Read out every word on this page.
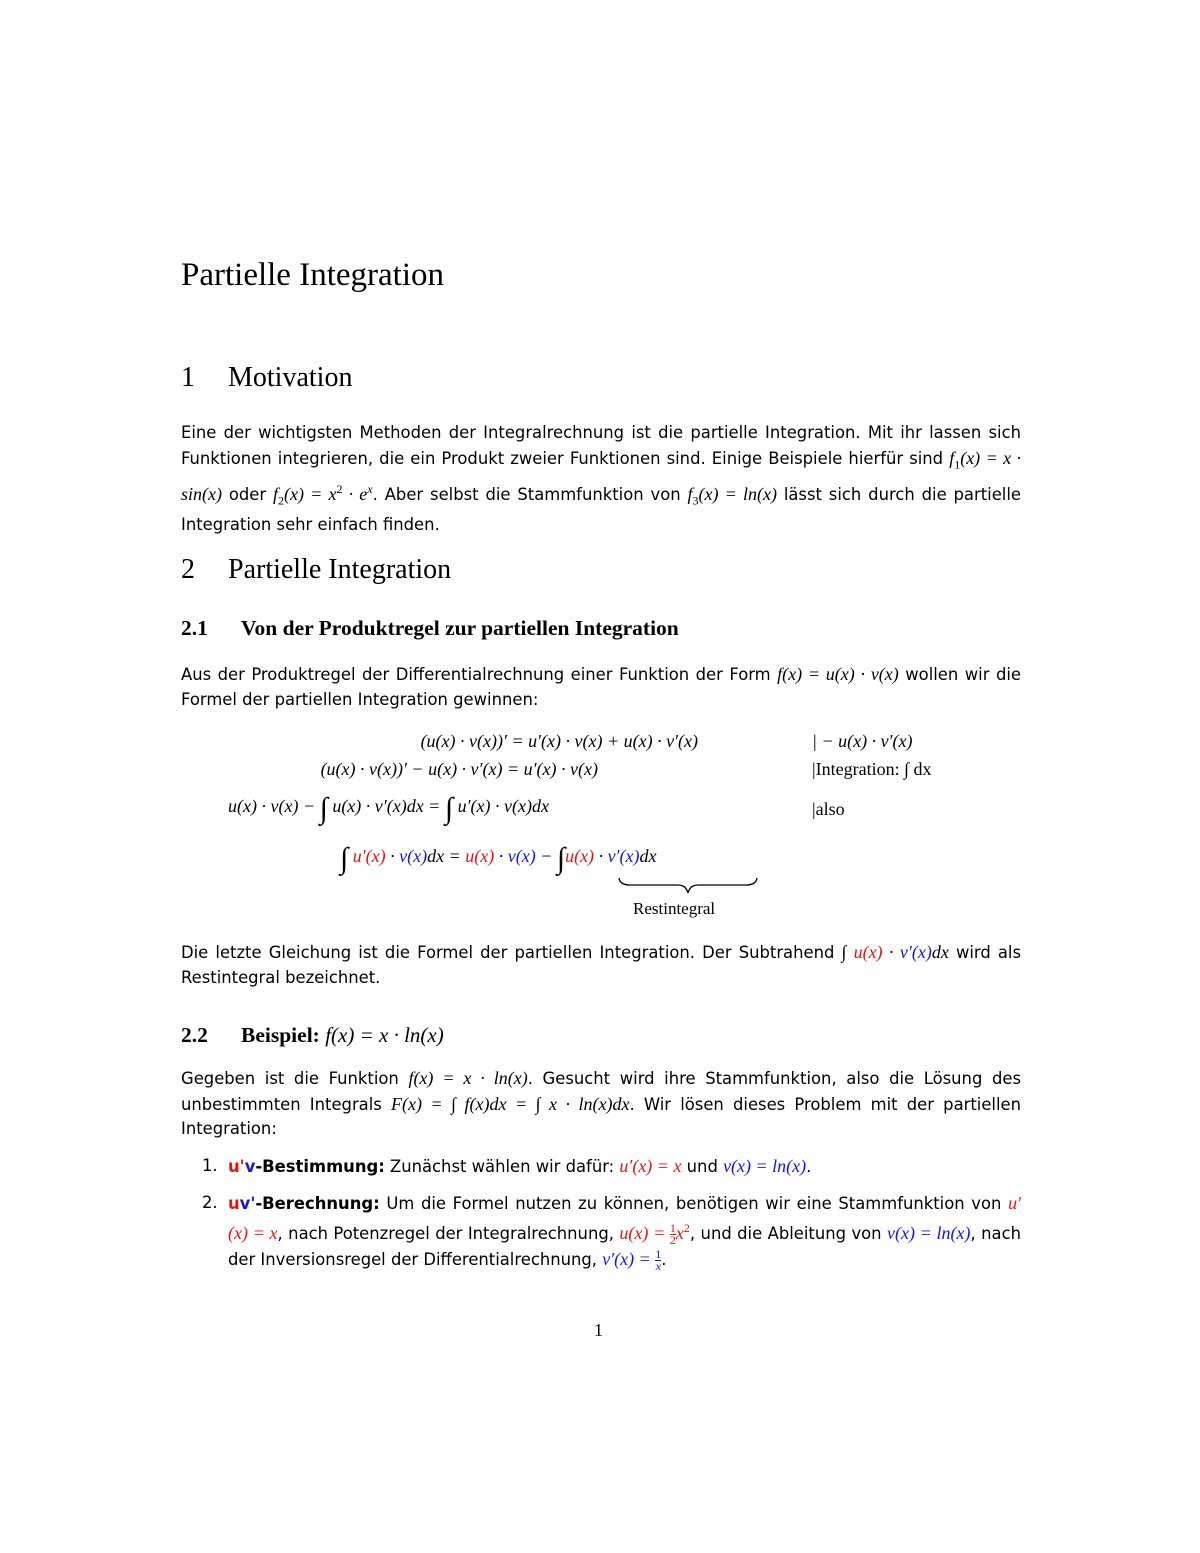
Partielle Integration
1 Motivation

Eine der wichtigsten Methoden der Integralrechnung ist die partielle Integration. Mit ihr lassen sich Funktionen integrieren, die ein Produkt zweier Funktionen sind. Einige Beispiele hierfür sind $f_1(x) = x \cdot \sin(x)$ oder $f_2(x) = x^2 \cdot e^x$. Aber selbst die Stammfunktion von $f_3(x) = \ln(x)$ lässt sich durch die partielle Integration sehr einfach finden.

2 Partielle Integration
2.1 Von der Produktregel zur partiellen Integration

Aus der Produktregel der Differentialrechnung einer Funktion der Form f(x) = u(x) · v(x) wollen wir die Formel der partiellen Integration gewinnen:

(u(x) · v(x))′ = u′(x) · v(x) + u(x) · v′(x)	| − u(x) · v′(x)
(u(x) · v(x))′ − u(x) · v′(x) = u′(x) · v(x)	|Integration: ∫ dx
u(x) · v(x) − ∫ u(x) · v′(x)dx = ∫ u′(x) · v(x)dx	|also
∫ u′(x) · v(x)dx = u(x) · v(x) − ∫u(x) · v′(x)dx
Restintegral

Die letzte Gleichung ist die Formel der partiellen Integration. Der Subtrahend ∫ u(x) · v′(x)dx wird als Restintegral bezeichnet.

2.2 Beispiel: f(x) = x · ln(x)

Gegeben ist die Funktion f(x) = x · ln(x). Gesucht wird ihre Stammfunktion, also die Lösung des unbestimmten Integrals F(x) = ∫ f(x)dx = ∫ x · ln(x)dx. Wir lösen dieses Problem mit der partiellen Integration:

1. u'v-Bestimmung: Zunächst wählen wir dafür: u′(x) = x und v(x) = ln(x).
2. uv'-Berechnung: Um die Formel nutzen zu können, benötigen wir eine Stammfunktion von u′(x) = x, nach Potenzregel der Integralrechnung, $u(x) = \frac{1}{2} x^2$, und die Ableitung von v(x) = ln(x), nach der Inversionsregel der Differentialrechnung, $v'(x) = \frac{1}{x}$ .
1
